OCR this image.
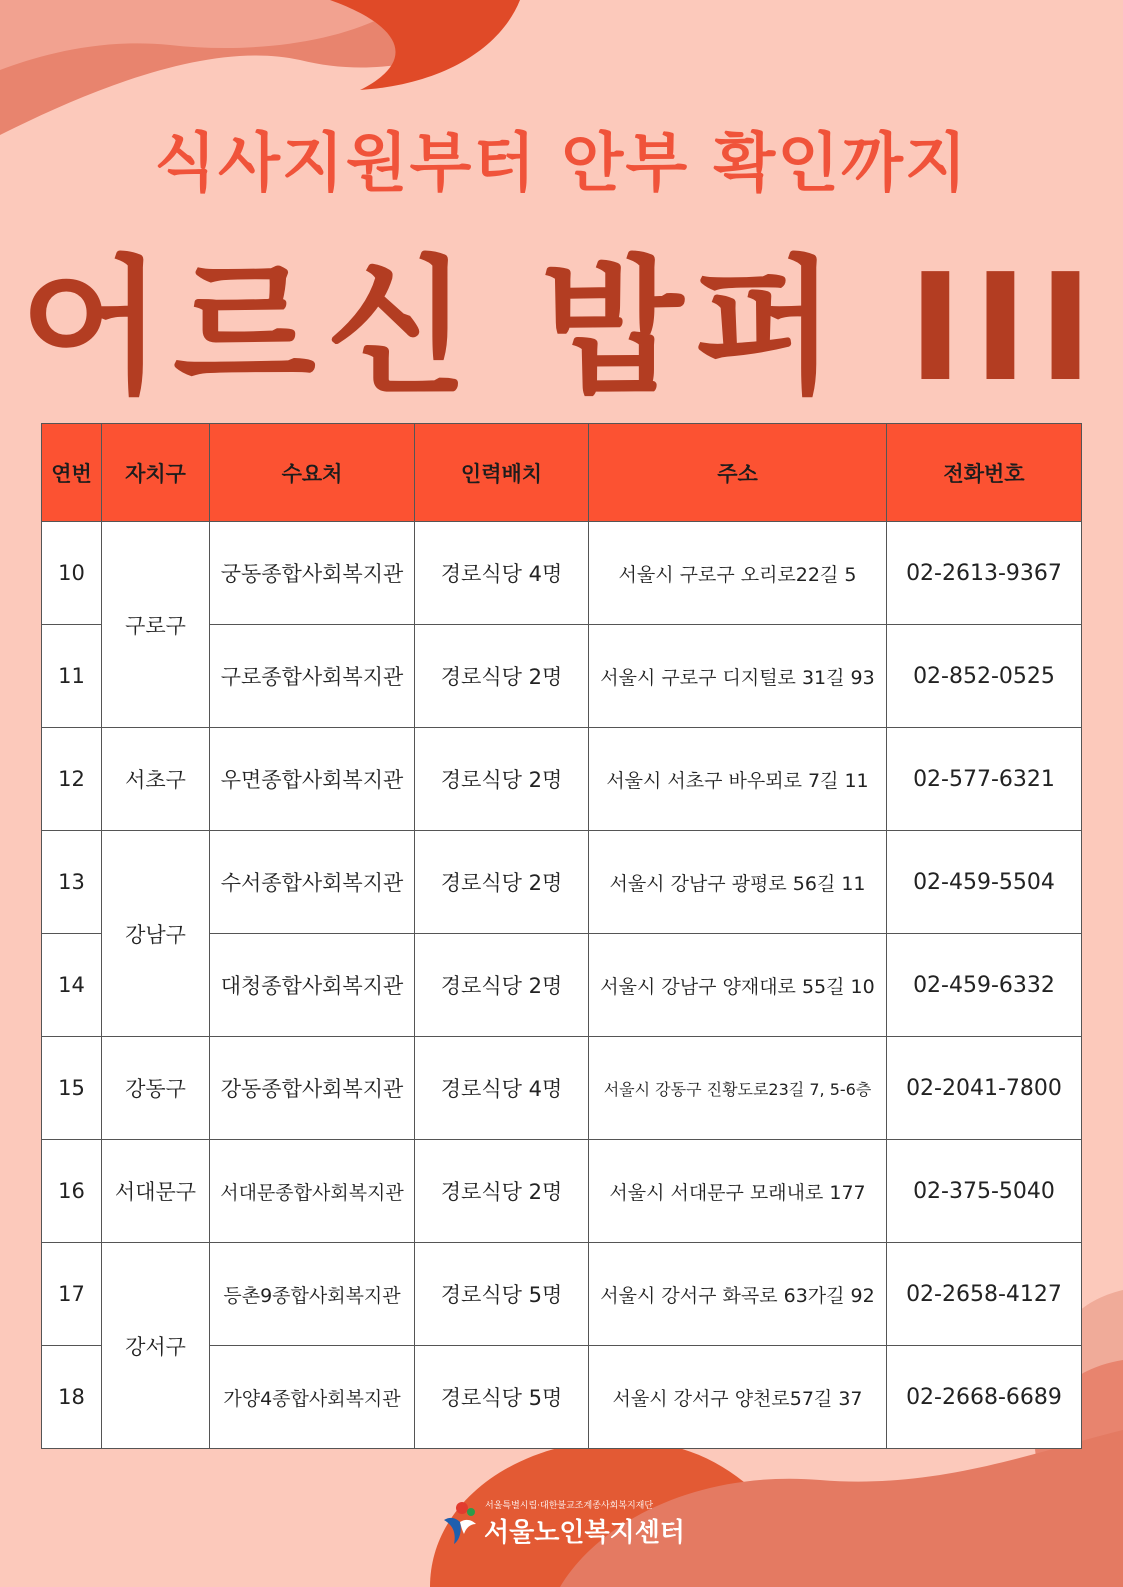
식사지원부터 안부 확인까지
어르신 밥퍼 III
연번	자치구	수요처	인력배치	주소	전화번호
10	구로구	궁동종합사회복지관	경로식당 4명	서울시 구로구 오리로22길 5	02-2613-9367
11		구로종합사회복지관	경로식당 2명	서울시 구로구 디지털로 31길 93	02-852-0525
12	서초구	우면종합사회복지관	경로식당 2명	서울시 서초구 바우뫼로 7길 11	02-577-6321
13	강남구	수서종합사회복지관	경로식당 2명	서울시 강남구 광평로 56길 11	02-459-5504
14		대청종합사회복지관	경로식당 2명	서울시 강남구 양재대로 55길 10	02-459-6332
15	강동구	강동종합사회복지관	경로식당 4명	서울시 강동구 진황도로23길 7, 5-6층	02-2041-7800
16	서대문구	서대문종합사회복지관	경로식당 2명	서울시 서대문구 모래내로 177	02-375-5040
17	강서구	등촌9종합사회복지관	경로식당 5명	서울시 강서구 화곡로 63가길 92	02-2658-4127
18		가양4종합사회복지관	경로식당 5명	서울시 강서구 양천로57길 37	02-2668-6689
서울특별시립·대한불교조계종사회복지재단
서울노인복지센터
